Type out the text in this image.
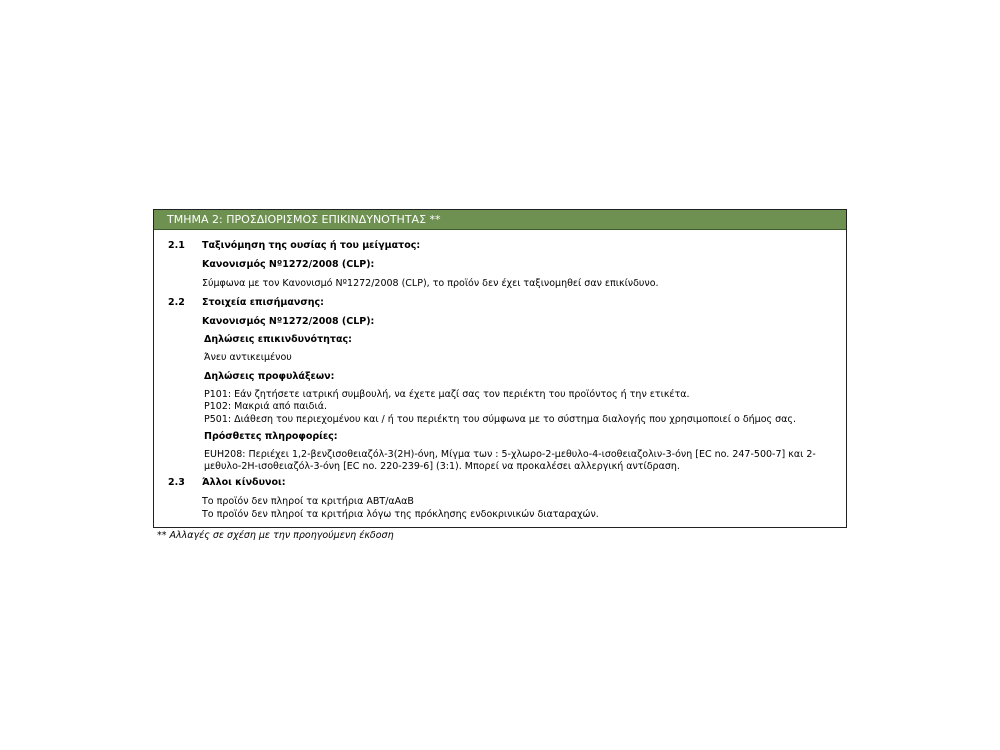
ΤΜΗΜΑ 2: ΠΡΟΣΔΙΟΡΙΣΜΟΣ ΕΠΙΚΙΝΔΥΝΟΤΗΤΑΣ **
2.1 Ταξινόμηση της ουσίας ή του μείγματος:
Κανονισμός Nº1272/2008 (CLP):
Σύμφωνα με τον Κανονισμό Nº1272/2008 (CLP), το προϊόν δεν έχει ταξινομηθεί σαν επικίνδυνο.
2.2 Στοιχεία επισήμανσης:
Κανονισμός Nº1272/2008 (CLP):
Δηλώσεις επικινδυνότητας:
Άνευ αντικειμένου
Δηλώσεις προφυλάξεων:
P101: Εάν ζητήσετε ιατρική συμβουλή, να έχετε μαζί σας τον περιέκτη του προϊόντος ή την ετικέτα.
P102: Μακριά από παιδιά.
P501: Διάθεση του περιεχομένου και / ή του περιέκτη του σύμφωνα με το σύστημα διαλογής που χρησιμοποιεί ο δήμος σας.
Πρόσθετες πληροφορίες:
EUH208: Περιέχει 1,2-βενζισοθειαζόλ-3(2H)-όνη, Μίγμα των : 5-χλωρο-2-μεθυλο-4-ισοθειαζολιν-3-όνη [EC no. 247-500-7] και 2-
μεθυλο-2H-ισοθειαζόλ-3-όνη [EC no. 220-239-6] (3:1). Μπορεί να προκαλέσει αλλεργική αντίδραση.
2.3 Άλλοι κίνδυνοι:
Το προϊόν δεν πληροί τα κριτήρια ΑΒΤ/αΑαΒ
Το προϊόν δεν πληροί τα κριτήρια λόγω της πρόκλησης ενδοκρινικών διαταραχών.
** Αλλαγές σε σχέση με την προηγούμενη έκδοση
